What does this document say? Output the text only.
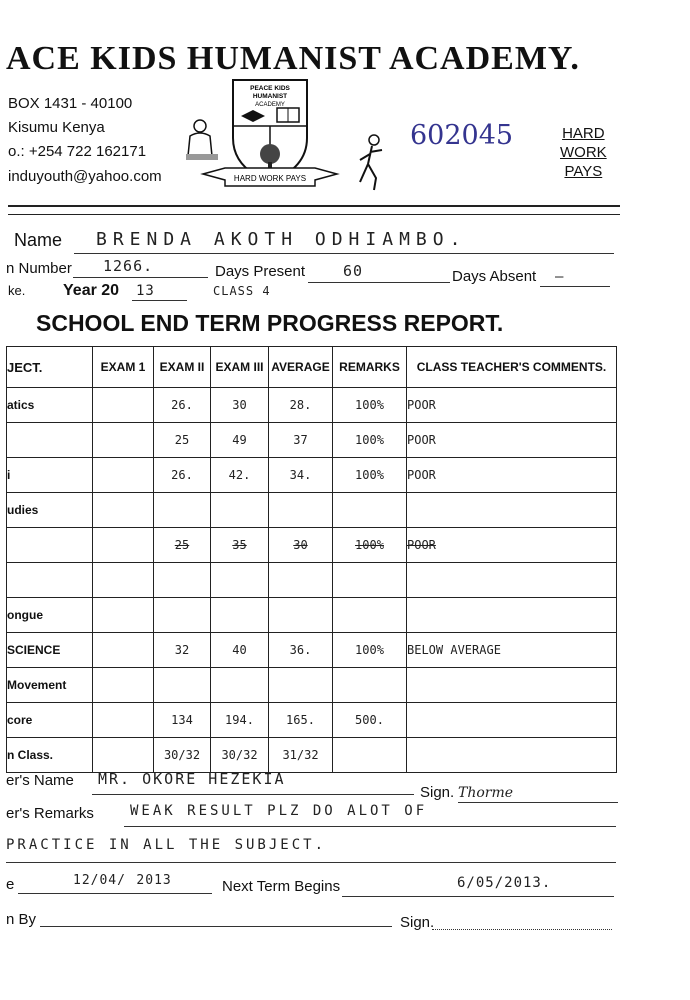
ACE KIDS HUMANIST ACADEMY.
BOX 1431 - 40100
Kisumu Kenya
o.: +254 722 162171
induyouth@yahoo.com
PEACE KIDS
HUMANIST
ACADEMY
HARD WORK PAYS
602045	HARD
WORK
PAYS
Name	BRENDA AKOTH ODHIAMBO.
n Number	1266.	Days Present	60	Days Absent	—
ke. Year 20 13	CLASS 4
SCHOOL END TERM PROGRESS REPORT.
JECT.	EXAM 1	EXAM II	EXAM III	AVERAGE	REMARKS	CLASS TEACHER'S COMMENTS.
atics		26.	30	28.	100%	POOR
		25	49	37	100%	POOR
i		26.	42.	34.	100%	POOR
udies						
		25	35	30	100%	POOR

ongue						
SCIENCE		32	40	36.	100%	BELOW AVERAGE
Movement						
core		134	194.	165.	500.	
n Class.		30/32	30/32	31/32		
er's Name	MR. OKORE HEZEKIA
Sign. Thorme
er's Remarks	WEAK RESULT PLZ DO ALOT OF
PRACTICE IN ALL THE SUBJECT.
e	12/04/ 2013	Next Term Begins	6/05/2013.
n By	Sign.
